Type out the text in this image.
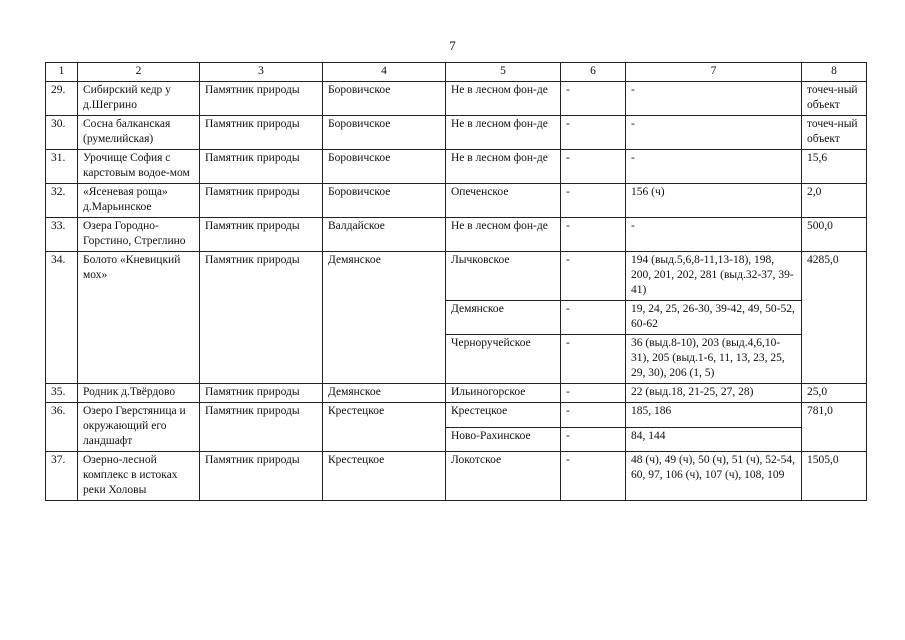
7
1	2	3	4	5	6	7	8
29.	Сибирский кедр у д.Шегрино	Памятник природы	Боровичское	Не в лесном фон-де	-	-	точеч-ный объект
30.	Сосна балканская (румелийская)	Памятник природы	Боровичское	Не в лесном фон-де	-	-	точеч-ный объект
31.	Урочище София с карстовым водое-мом	Памятник природы	Боровичское	Не в лесном фон-де	-	-	15,6
32.	«Ясеневая роща» д.Марьинское	Памятник природы	Боровичское	Опеченское	-	156 (ч)	2,0
33.	Озера Городно-Горстино, Стреглино	Памятник природы	Валдайское	Не в лесном фон-де	-	-	500,0
34.	Болото «Кневицкий мох»	Памятник природы	Демянское	Лычковское	-	194 (выд.5,6,8-11,13-18), 198, 200, 201, 202, 281 (выд.32-37, 39-41)	4285,0
				Демянское	-	19, 24, 25, 26-30, 39-42, 49, 50-52, 60-62	
				Черноручейское	-	36 (выд.8-10), 203 (выд.4,6,10-31), 205 (выд.1-6, 11, 13, 23, 25, 29, 30), 206 (1, 5)	
35.	Родник д.Твёрдово	Памятник природы	Демянское	Ильиногорское	-	22 (выд.18, 21-25, 27, 28)	25,0
36.	Озеро Гверстяница и окружающий его ландшафт	Памятник природы	Крестецкое	Крестецкое	-	185, 186	781,0
				Ново-Рахинское	-	84, 144	
37.	Озерно-лесной комплекс в истоках реки Холовы	Памятник природы	Крестецкое	Локотское	-	48 (ч), 49 (ч), 50 (ч), 51 (ч), 52-54, 60, 97, 106 (ч), 107 (ч), 108, 109	1505,0
